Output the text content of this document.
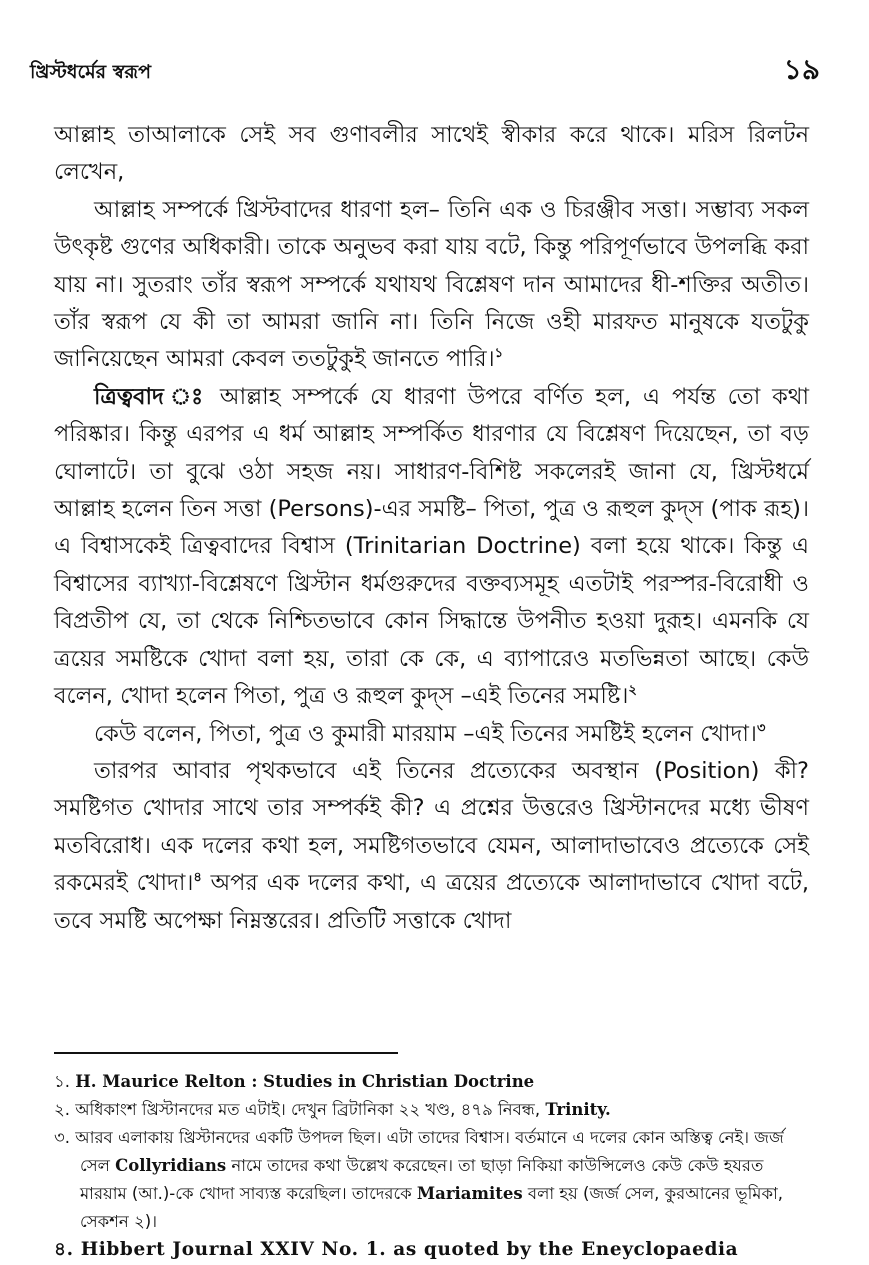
খ্রিস্টধর্মের স্বরূপ	১৯

আল্লাহ তাআলাকে সেই সব গুণাবলীর সাথেই স্বীকার করে থাকে। মরিস রিলটন লেখেন,

আল্লাহ সম্পর্কে খ্রিস্টবাদের ধারণা হল– তিনি এক ও চিরঞ্জীব সত্তা। সম্ভাব্য সকল উৎকৃষ্ট গুণের অধিকারী। তাকে অনুভব করা যায় বটে, কিন্তু পরিপূর্ণভাবে উপলব্ধি করা যায় না। সুতরাং তাঁর স্বরূপ সম্পর্কে যথাযথ বিশ্লেষণ দান আমাদের ধী-শক্তির অতীত। তাঁর স্বরূপ যে কী তা আমরা জানি না। তিনি নিজে ওহী মারফত মানুষকে যতটুকু জানিয়েছেন আমরা কেবল ততটুকুই জানতে পারি।$^১$

ত্রিত্ববাদ ঃ আল্লাহ সম্পর্কে যে ধারণা উপরে বর্ণিত হল, এ পর্যন্ত তো কথা পরিষ্কার। কিন্তু এরপর এ ধর্ম আল্লাহ সম্পর্কিত ধারণার যে বিশ্লেষণ দিয়েছেন, তা বড় ঘোলাটে। তা বুঝে ওঠা সহজ নয়। সাধারণ-বিশিষ্ট সকলেরই জানা যে, খ্রিস্টধর্মে আল্লাহ হলেন তিন সত্তা (Persons)-এর সমষ্টি– পিতা, পুত্র ও রূহুল কুদ্স (পাক রূহ)। এ বিশ্বাসকেই ত্রিত্ববাদের বিশ্বাস (Trinitarian Doctrine) বলা হয়ে থাকে। কিন্তু এ বিশ্বাসের ব্যাখ্যা-বিশ্লেষণে খ্রিস্টান ধর্মগুরুদের বক্তব্যসমূহ এতটাই পরস্পর-বিরোধী ও বিপ্রতীপ যে, তা থেকে নিশ্চিতভাবে কোন সিদ্ধান্তে উপনীত হওয়া দুরূহ। এমনকি যে ত্রয়ের সমষ্টিকে খোদা বলা হয়, তারা কে কে, এ ব্যাপারেও মতভিন্নতা আছে। কেউ বলেন, খোদা হলেন পিতা, পুত্র ও রূহুল কুদ্স –এই তিনের সমষ্টি।$^২$

কেউ বলেন, পিতা, পুত্র ও কুমারী মারয়াম –এই তিনের সমষ্টিই হলেন খোদা।$^৩$

তারপর আবার পৃথকভাবে এই তিনের প্রত্যেকের অবস্থান (Position) কী? সমষ্টিগত খোদার সাথে তার সম্পর্কই কী? এ প্রশ্নের উত্তরেও খ্রিস্টানদের মধ্যে ভীষণ মতবিরোধ। এক দলের কথা হল, সমষ্টিগতভাবে যেমন, আলাদাভাবেও প্রত্যেকে সেই রকমেরই খোদা।$^৪$ অপর এক দলের কথা, এ ত্রয়ের প্রত্যেকে আলাদাভাবে খোদা বটে, তবে সমষ্টি অপেক্ষা নিম্নস্তরের। প্রতিটি সত্তাকে খোদা

১. H. Maurice Relton : Studies in Christian Doctrine

২. অধিকাংশ খ্রিস্টানদের মত এটাই। দেখুন ব্রিটানিকা ২২ খণ্ড, ৪৭৯ নিবন্ধ, Trinity.

৩. আরব এলাকায় খ্রিস্টানদের একটি উপদল ছিল। এটা তাদের বিশ্বাস। বর্তমানে এ দলের কোন অস্তিত্ব নেই। জর্জ সেল Collyridians নামে তাদের কথা উল্লেখ করেছেন। তা ছাড়া নিকিয়া কাউন্সিলেও কেউ কেউ হযরত মারয়াম (আ.)-কে খোদা সাব্যস্ত করেছিল। তাদেরকে Mariamites বলা হয় (জর্জ সেল, কুরআনের ভূমিকা, সেকশন ২)।

৪. Hibbert Journal XXIV No. 1. as quoted by the Eneyclopaedia
